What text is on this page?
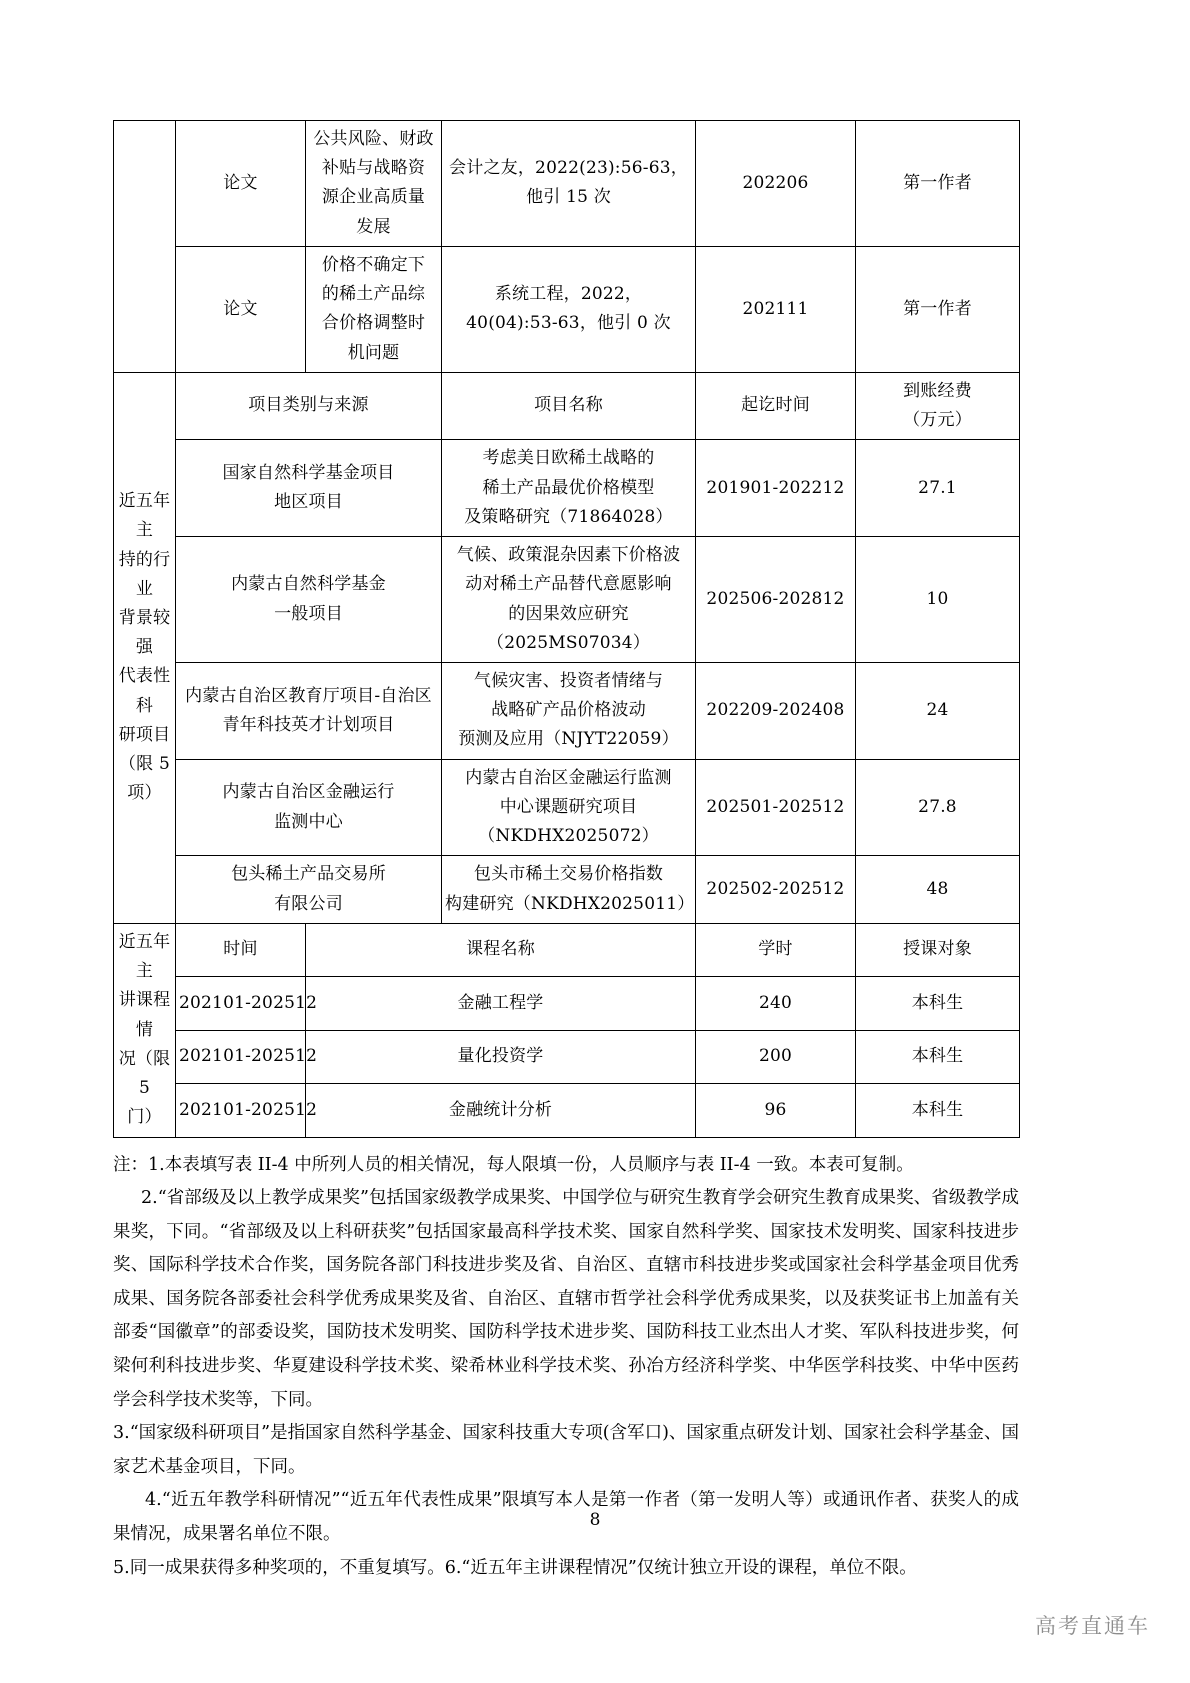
	论文	公共风险、财政
补贴与战略资
源企业高质量
发展	会计之友，2022(23):56-63，
他引 15 次	202206	第一作者
	论文	价格不确定下
的稀土产品综
合价格调整时
机问题	系统工程，2022，
40(04):53-63，他引 0 次	202111	第一作者

近五年主
持的行业
背景较强
代表性科
研项目
（限 5 项）
	项目类别与来源	项目名称	起讫时间	
到账经费
（万元）

	国家自然科学基金项目
地区项目		考虑美日欧稀土战略的
稀土产品最优价格模型
及策略研究（71864028）	201901-202212	27.1

	内蒙古自然科学基金
一般项目		气候、政策混杂因素下价格波
动对稀土产品替代意愿影响
的因果效应研究
（2025MS07034）	202506-202812	10

	内蒙古自治区教育厅项目-自治区
青年科技英才计划项目		气候灾害、投资者情绪与
战略矿产品价格波动
预测及应用（NJYT22059）	202209-202408	24

	内蒙古自治区金融运行
监测中心		内蒙古自治区金融运行监测
中心课题研究项目
（NKDHX2025072）	202501-202512	27.8

	包头稀土产品交易所
有限公司		包头市稀土交易价格指数
构建研究（NKDHX2025011）	202502-202512	48

近五年主
讲课程情
况（限 5
门）	时间	课程名称		学时	授课对象
	202101-202512	金融工程学		240	本科生
	202101-202512	量化投资学		200	本科生
	202101-202512	金融统计分析		96	本科生

注：1.本表填写表 II-4 中所列人员的相关情况，每人限填一份，人员顺序与表 II-4 一致。本表可复制。

2.“省部级及以上教学成果奖”包括国家级教学成果奖、中国学位与研究生教育学会研究生教育成果奖、省级教学成果奖，下同。“省部级及以上科研获奖”包括国家最高科学技术奖、国家自然科学奖、国家技术发明奖、国家科技进步奖、国际科学技术合作奖，国务院各部门科技进步奖及省、自治区、直辖市科技进步奖或国家社会科学基金项目优秀成果、国务院各部委社会科学优秀成果奖及省、自治区、直辖市哲学社会科学优秀成果奖，以及获奖证书上加盖有关部委“国徽章”的部委设奖，国防技术发明奖、国防科学技术进步奖、国防科技工业杰出人才奖、军队科技进步奖，何梁何利科技进步奖、华夏建设科学技术奖、梁希林业科学技术奖、孙冶方经济科学奖、中华医学科技奖、中华中医药学会科学技术奖等，下同。

3.“国家级科研项目”是指国家自然科学基金、国家科技重大专项(含军口)、国家重点研发计划、国家社会科学基金、国家艺术基金项目，下同。

4.“近五年教学科研情况”“近五年代表性成果”限填写本人是第一作者（第一发明人等）或通讯作者、获奖人的成果情况，成果署名单位不限。

5.同一成果获得多种奖项的，不重复填写。6.“近五年主讲课程情况”仅统计独立开设的课程，单位不限。

8
高考直通车
